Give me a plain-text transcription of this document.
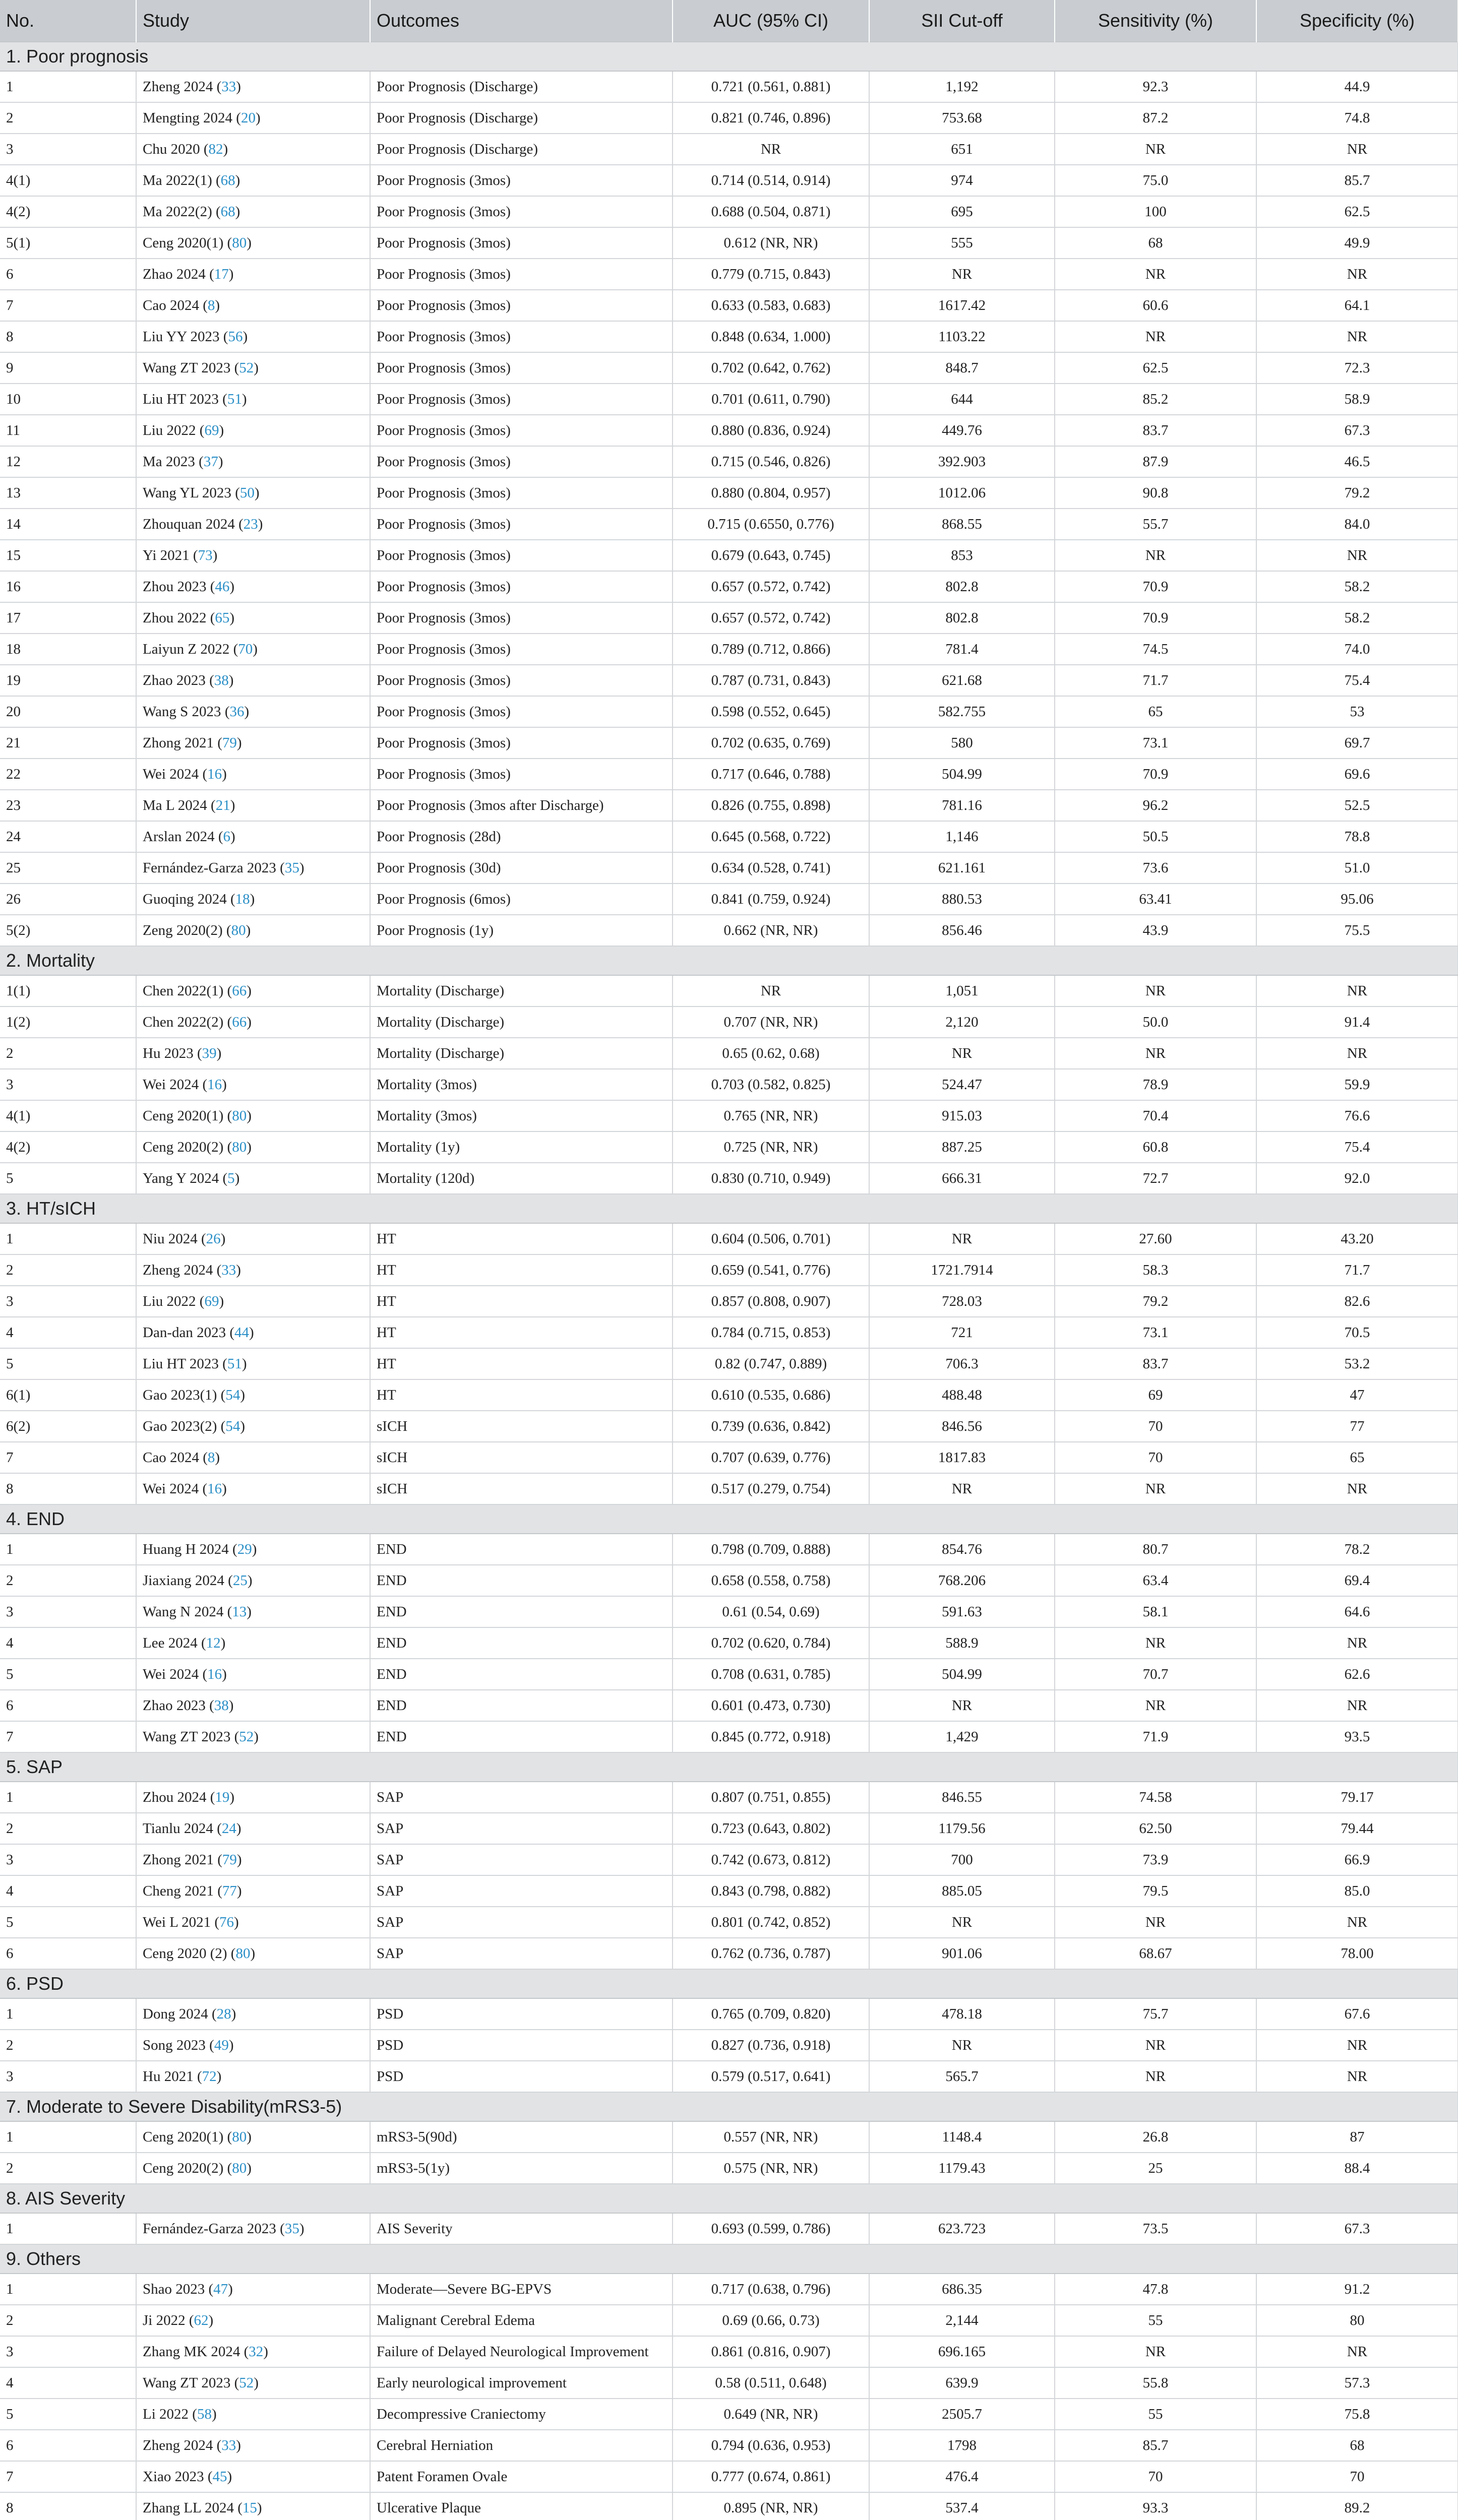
No.	Study	Outcomes	AUC (95% CI)	SII Cut-off	Sensitivity (%)	Specificity (%)
1. Poor prognosis						
1	Zheng 2024 (33)	Poor Prognosis (Discharge)	0.721 (0.561, 0.881)	1,192	92.3	44.9
2	Mengting 2024 (20)	Poor Prognosis (Discharge)	0.821 (0.746, 0.896)	753.68	87.2	74.8
3	Chu 2020 (82)	Poor Prognosis (Discharge)	NR	651	NR	NR
4(1)	Ma 2022(1) (68)	Poor Prognosis (3mos)	0.714 (0.514, 0.914)	974	75.0	85.7
4(2)	Ma 2022(2) (68)	Poor Prognosis (3mos)	0.688 (0.504, 0.871)	695	100	62.5
5(1)	Ceng 2020(1) (80)	Poor Prognosis (3mos)	0.612 (NR, NR)	555	68	49.9
6	Zhao 2024 (17)	Poor Prognosis (3mos)	0.779 (0.715, 0.843)	NR	NR	NR
7	Cao 2024 (8)	Poor Prognosis (3mos)	0.633 (0.583, 0.683)	1617.42	60.6	64.1
8	Liu YY 2023 (56)	Poor Prognosis (3mos)	0.848 (0.634, 1.000)	1103.22	NR	NR
9	Wang ZT 2023 (52)	Poor Prognosis (3mos)	0.702 (0.642, 0.762)	848.7	62.5	72.3
10	Liu HT 2023 (51)	Poor Prognosis (3mos)	0.701 (0.611, 0.790)	644	85.2	58.9
11	Liu 2022 (69)	Poor Prognosis (3mos)	0.880 (0.836, 0.924)	449.76	83.7	67.3
12	Ma 2023 (37)	Poor Prognosis (3mos)	0.715 (0.546, 0.826)	392.903	87.9	46.5
13	Wang YL 2023 (50)	Poor Prognosis (3mos)	0.880 (0.804, 0.957)	1012.06	90.8	79.2
14	Zhouquan 2024 (23)	Poor Prognosis (3mos)	0.715 (0.6550, 0.776)	868.55	55.7	84.0
15	Yi 2021 (73)	Poor Prognosis (3mos)	0.679 (0.643, 0.745)	853	NR	NR
16	Zhou 2023 (46)	Poor Prognosis (3mos)	0.657 (0.572, 0.742)	802.8	70.9	58.2
17	Zhou 2022 (65)	Poor Prognosis (3mos)	0.657 (0.572, 0.742)	802.8	70.9	58.2
18	Laiyun Z 2022 (70)	Poor Prognosis (3mos)	0.789 (0.712, 0.866)	781.4	74.5	74.0
19	Zhao 2023 (38)	Poor Prognosis (3mos)	0.787 (0.731, 0.843)	621.68	71.7	75.4
20	Wang S 2023 (36)	Poor Prognosis (3mos)	0.598 (0.552, 0.645)	582.755	65	53
21	Zhong 2021 (79)	Poor Prognosis (3mos)	0.702 (0.635, 0.769)	580	73.1	69.7
22	Wei 2024 (16)	Poor Prognosis (3mos)	0.717 (0.646, 0.788)	504.99	70.9	69.6
23	Ma L 2024 (21)	Poor Prognosis (3mos after Discharge)	0.826 (0.755, 0.898)	781.16	96.2	52.5
24	Arslan 2024 (6)	Poor Prognosis (28d)	0.645 (0.568, 0.722)	1,146	50.5	78.8
25	Fernández-Garza 2023 (35)	Poor Prognosis (30d)	0.634 (0.528, 0.741)	621.161	73.6	51.0
26	Guoqing 2024 (18)	Poor Prognosis (6mos)	0.841 (0.759, 0.924)	880.53	63.41	95.06
5(2)	Zeng 2020(2) (80)	Poor Prognosis (1y)	0.662 (NR, NR)	856.46	43.9	75.5
2. Mortality						
1(1)	Chen 2022(1) (66)	Mortality (Discharge)	NR	1,051	NR	NR
1(2)	Chen 2022(2) (66)	Mortality (Discharge)	0.707 (NR, NR)	2,120	50.0	91.4
2	Hu 2023 (39)	Mortality (Discharge)	0.65 (0.62, 0.68)	NR	NR	NR
3	Wei 2024 (16)	Mortality (3mos)	0.703 (0.582, 0.825)	524.47	78.9	59.9
4(1)	Ceng 2020(1) (80)	Mortality (3mos)	0.765 (NR, NR)	915.03	70.4	76.6
4(2)	Ceng 2020(2) (80)	Mortality (1y)	0.725 (NR, NR)	887.25	60.8	75.4
5	Yang Y 2024 (5)	Mortality (120d)	0.830 (0.710, 0.949)	666.31	72.7	92.0
3. HT/sICH						
1	Niu 2024 (26)	HT	0.604 (0.506, 0.701)	NR	27.60	43.20
2	Zheng 2024 (33)	HT	0.659 (0.541, 0.776)	1721.7914	58.3	71.7
3	Liu 2022 (69)	HT	0.857 (0.808, 0.907)	728.03	79.2	82.6
4	Dan-dan 2023 (44)	HT	0.784 (0.715, 0.853)	721	73.1	70.5
5	Liu HT 2023 (51)	HT	0.82 (0.747, 0.889)	706.3	83.7	53.2
6(1)	Gao 2023(1) (54)	HT	0.610 (0.535, 0.686)	488.48	69	47
6(2)	Gao 2023(2) (54)	sICH	0.739 (0.636, 0.842)	846.56	70	77
7	Cao 2024 (8)	sICH	0.707 (0.639, 0.776)	1817.83	70	65
8	Wei 2024 (16)	sICH	0.517 (0.279, 0.754)	NR	NR	NR
4. END						
1	Huang H 2024 (29)	END	0.798 (0.709, 0.888)	854.76	80.7	78.2
2	Jiaxiang 2024 (25)	END	0.658 (0.558, 0.758)	768.206	63.4	69.4
3	Wang N 2024 (13)	END	0.61 (0.54, 0.69)	591.63	58.1	64.6
4	Lee 2024 (12)	END	0.702 (0.620, 0.784)	588.9	NR	NR
5	Wei 2024 (16)	END	0.708 (0.631, 0.785)	504.99	70.7	62.6
6	Zhao 2023 (38)	END	0.601 (0.473, 0.730)	NR	NR	NR
7	Wang ZT 2023 (52)	END	0.845 (0.772, 0.918)	1,429	71.9	93.5
5. SAP						
1	Zhou 2024 (19)	SAP	0.807 (0.751, 0.855)	846.55	74.58	79.17
2	Tianlu 2024 (24)	SAP	0.723 (0.643, 0.802)	1179.56	62.50	79.44
3	Zhong 2021 (79)	SAP	0.742 (0.673, 0.812)	700	73.9	66.9
4	Cheng 2021 (77)	SAP	0.843 (0.798, 0.882)	885.05	79.5	85.0
5	Wei L 2021 (76)	SAP	0.801 (0.742, 0.852)	NR	NR	NR
6	Ceng 2020 (2) (80)	SAP	0.762 (0.736, 0.787)	901.06	68.67	78.00
6. PSD						
1	Dong 2024 (28)	PSD	0.765 (0.709, 0.820)	478.18	75.7	67.6
2	Song 2023 (49)	PSD	0.827 (0.736, 0.918)	NR	NR	NR
3	Hu 2021 (72)	PSD	0.579 (0.517, 0.641)	565.7	NR	NR
7. Moderate to Severe Disability(mRS3-5)						
1	Ceng 2020(1) (80)	mRS3-5(90d)	0.557 (NR, NR)	1148.4	26.8	87
2	Ceng 2020(2) (80)	mRS3-5(1y)	0.575 (NR, NR)	1179.43	25	88.4
8. AIS Severity						
1	Fernández-Garza 2023 (35)	AIS Severity	0.693 (0.599, 0.786)	623.723	73.5	67.3
9. Others						
1	Shao 2023 (47)	Moderate—Severe BG-EPVS	0.717 (0.638, 0.796)	686.35	47.8	91.2
2	Ji 2022 (62)	Malignant Cerebral Edema	0.69 (0.66, 0.73)	2,144	55	80
3	Zhang MK 2024 (32)	Failure of Delayed Neurological Improvement	0.861 (0.816, 0.907)	696.165	NR	NR
4	Wang ZT 2023 (52)	Early neurological improvement	0.58 (0.511, 0.648)	639.9	55.8	57.3
5	Li 2022 (58)	Decompressive Craniectomy	0.649 (NR, NR)	2505.7	55	75.8
6	Zheng 2024 (33)	Cerebral Herniation	0.794 (0.636, 0.953)	1798	85.7	68
7	Xiao 2023 (45)	Patent Foramen Ovale	0.777 (0.674, 0.861)	476.4	70	70
8	Zhang LL 2024 (15)	Ulcerative Plaque	0.895 (NR, NR)	537.4	93.3	89.2
